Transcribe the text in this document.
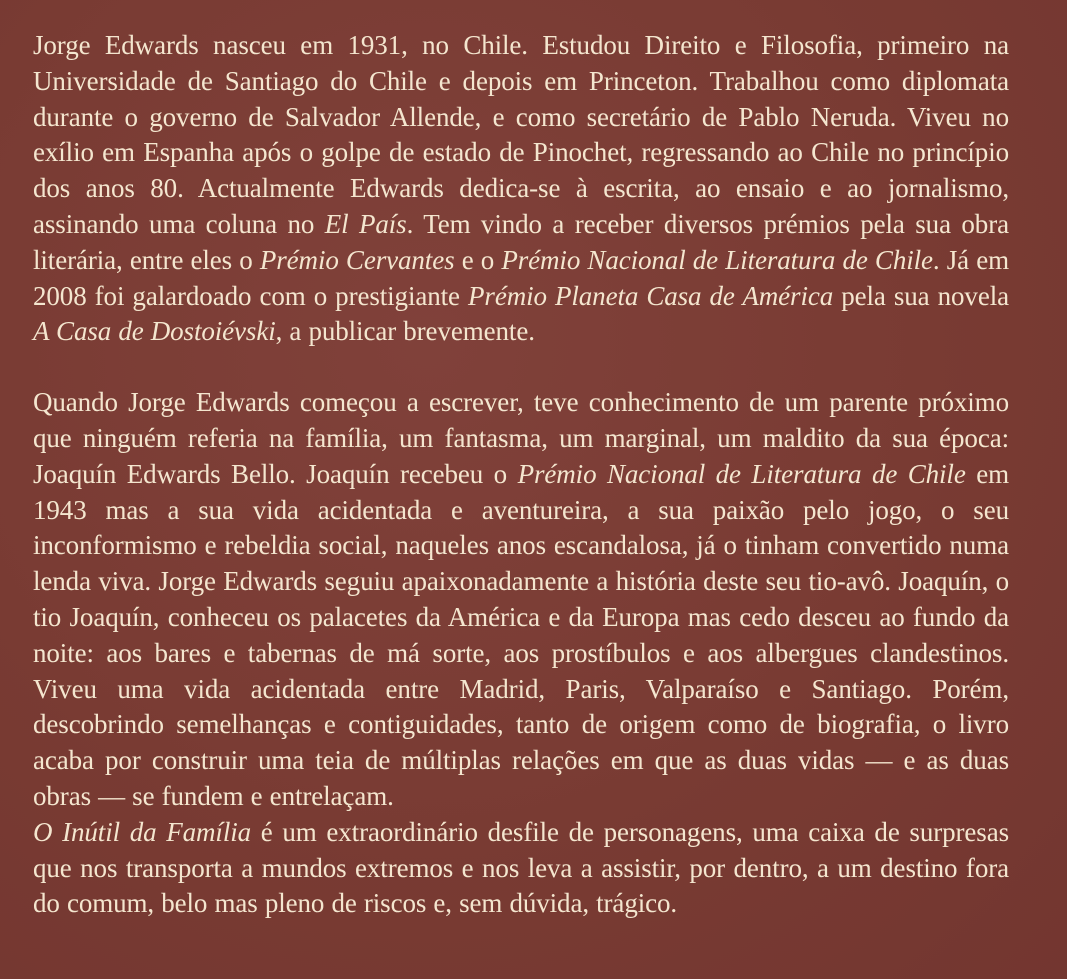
Jorge Edwards nasceu em 1931, no Chile. Estudou Direito e Filosofia, primeiro na Universidade de Santiago do Chile e depois em Princeton. Trabalhou como diplomata durante o governo de Salvador Allende, e como secretário de Pablo Neruda. Viveu no exílio em Espanha após o golpe de estado de Pinochet, regressando ao Chile no princípio dos anos 80. Actualmente Edwards dedica-se à escrita, ao ensaio e ao jornalismo, assinando uma coluna no El País. Tem vindo a receber diversos prémios pela sua obra literária, entre eles o Prémio Cervantes e o Prémio Nacional de Literatura de Chile. Já em 2008 foi galardoado com o prestigiante Prémio Planeta Casa de América pela sua novela A Casa de Dostoiévski, a publicar brevemente.

Quando Jorge Edwards começou a escrever, teve conhecimento de um parente próximo que ninguém referia na família, um fantasma, um marginal, um maldito da sua época: Joaquín Edwards Bello. Joaquín recebeu o Prémio Nacional de Literatura de Chile em 1943 mas a sua vida acidentada e aventureira, a sua paixão pelo jogo, o seu inconformismo e rebeldia social, naqueles anos escandalosa, já o tinham convertido numa lenda viva. Jorge Edwards seguiu apaixonadamente a história deste seu tio-avô. Joaquín, o tio Joaquín, conheceu os palacetes da América e da Europa mas cedo desceu ao fundo da noite: aos bares e tabernas de má sorte, aos prostíbulos e aos albergues clandestinos. Viveu uma vida acidentada entre Madrid, Paris, Valparaíso e Santiago. Porém, descobrindo semelhanças e contiguidades, tanto de origem como de biografia, o livro acaba por construir uma teia de múltiplas relações em que as duas vidas — e as duas obras — se fundem e entrelaçam.

O Inútil da Família é um extraordinário desfile de personagens, uma caixa de surpresas que nos transporta a mundos extremos e nos leva a assistir, por dentro, a um destino fora do comum, belo mas pleno de riscos e, sem dúvida, trágico.
